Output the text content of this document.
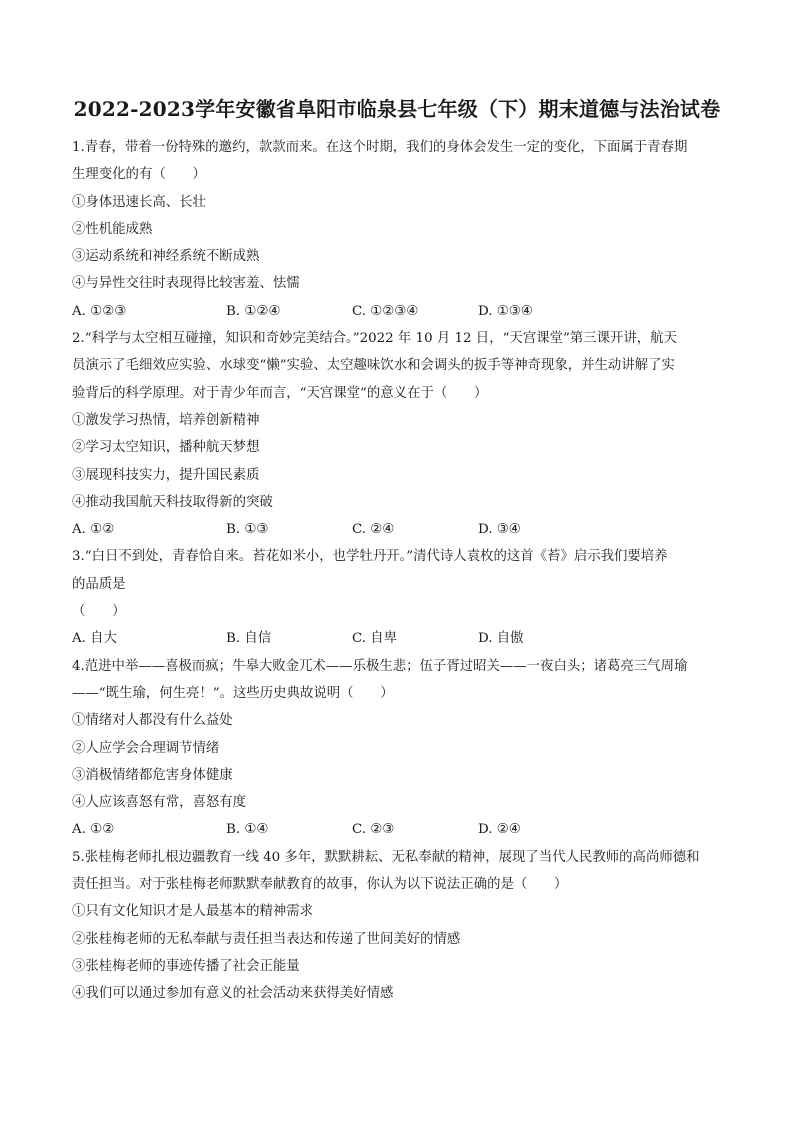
2022-2023学年安徽省阜阳市临泉县七年级（下）期末道德与法治试卷
1.青春，带着一份特殊的邀约，款款而来。在这个时期，我们的身体会发生一定的变化，下面属于青春期
生理变化的有（　　）
①身体迅速长高、长壮
②性机能成熟
③运动系统和神经系统不断成熟
④与异性交往时表现得比较害羞、怯懦
A. ①②③	B. ①②④	C. ①②③④	D. ①③④
2.“科学与太空相互碰撞，知识和奇妙完美结合。”2022 年 10 月 12 日，“天宫课堂”第三课开讲，航天
员演示了毛细效应实验、水球变“懒”实验、太空趣味饮水和会调头的扳手等神奇现象，并生动讲解了实
验背后的科学原理。对于青少年而言，“天宫课堂”的意义在于（　　）
①激发学习热情，培养创新精神
②学习太空知识，播种航天梦想
③展现科技实力，提升国民素质
④推动我国航天科技取得新的突破
A. ①②	B. ①③	C. ②④	D. ③④
3.“白日不到处，青春恰自来。苔花如米小，也学牡丹开。”清代诗人袁枚的这首《苔》启示我们要培养
的品质是
（　　）
A. 自大	B. 自信	C. 自卑	D. 自傲
4.范进中举——喜极而疯；牛皋大败金兀术——乐极生悲；伍子胥过昭关——一夜白头；诸葛亮三气周瑜
——“既生瑜，何生亮！”。这些历史典故说明（　　）
①情绪对人都没有什么益处
②人应学会合理调节情绪
③消极情绪都危害身体健康
④人应该喜怒有常，喜怒有度
A. ①②	B. ①④	C. ②③	D. ②④
5.张桂梅老师扎根边疆教育一线 40 多年，默默耕耘、无私奉献的精神，展现了当代人民教师的高尚师德和
责任担当。对于张桂梅老师默默奉献教育的故事，你认为以下说法正确的是（　　）
①只有文化知识才是人最基本的精神需求
②张桂梅老师的无私奉献与责任担当表达和传递了世间美好的情感
③张桂梅老师的事迹传播了社会正能量
④我们可以通过参加有意义的社会活动来获得美好情感
